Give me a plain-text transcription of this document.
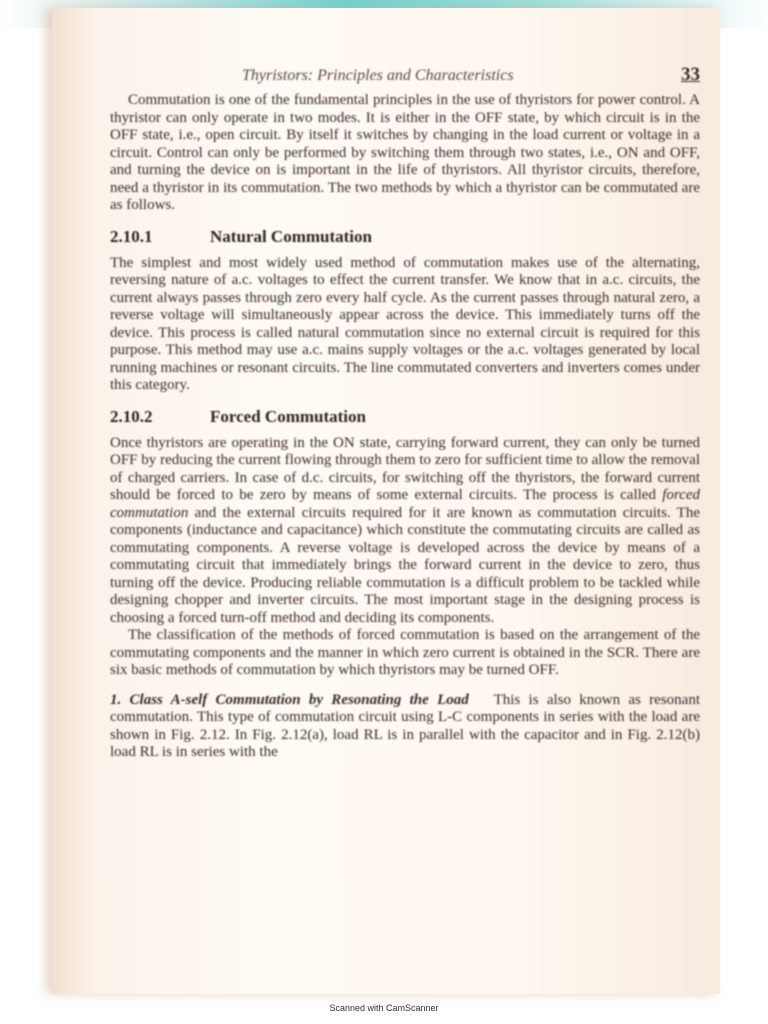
Thyristors: Principles and Characteristics	33

Commutation is one of the fundamental principles in the use of thyristors for power control. A thyristor can only operate in two modes. It is either in the OFF state, by which circuit is in the OFF state, i.e., open circuit. By itself it switches by changing in the load current or voltage in a circuit. Control can only be performed by switching them through two states, i.e., ON and OFF, and turning the device on is important in the life of thyristors. All thyristor circuits, therefore, need a thyristor in its commutation. The two methods by which a thyristor can be commutated are as follows.

2.10.1	Natural Commutation

The simplest and most widely used method of commutation makes use of the alternating, reversing nature of a.c. voltages to effect the current transfer. We know that in a.c. circuits, the current always passes through zero every half cycle. As the current passes through natural zero, a reverse voltage will simultaneously appear across the device. This immediately turns off the device. This process is called natural commutation since no external circuit is required for this purpose. This method may use a.c. mains supply voltages or the a.c. voltages generated by local running machines or resonant circuits. The line commutated converters and inverters comes under this category.

2.10.2	Forced Commutation

Once thyristors are operating in the ON state, carrying forward current, they can only be turned OFF by reducing the current flowing through them to zero for sufficient time to allow the removal of charged carriers. In case of d.c. circuits, for switching off the thyristors, the forward current should be forced to be zero by means of some external circuits. The process is called forced commutation and the external circuits required for it are known as commutation circuits. The components (inductance and capacitance) which constitute the commutating circuits are called as commutating components. A reverse voltage is developed across the device by means of a commutating circuit that immediately brings the forward current in the device to zero, thus turning off the device. Producing reliable commutation is a difficult problem to be tackled while designing chopper and inverter circuits. The most important stage in the designing process is choosing a forced turn-off method and deciding its components.

The classification of the methods of forced commutation is based on the arrangement of the commutating components and the manner in which zero current is obtained in the SCR. There are six basic methods of commutation by which thyristors may be turned OFF.

1. Class A-self Commutation by Resonating the Load This is also known as resonant commutation. This type of commutation circuit using L-C components in series with the load are shown in Fig. 2.12. In Fig. 2.12(a), load RL is in parallel with the capacitor and in Fig. 2.12(b) load RL is in series with the

Scanned with CamScanner
